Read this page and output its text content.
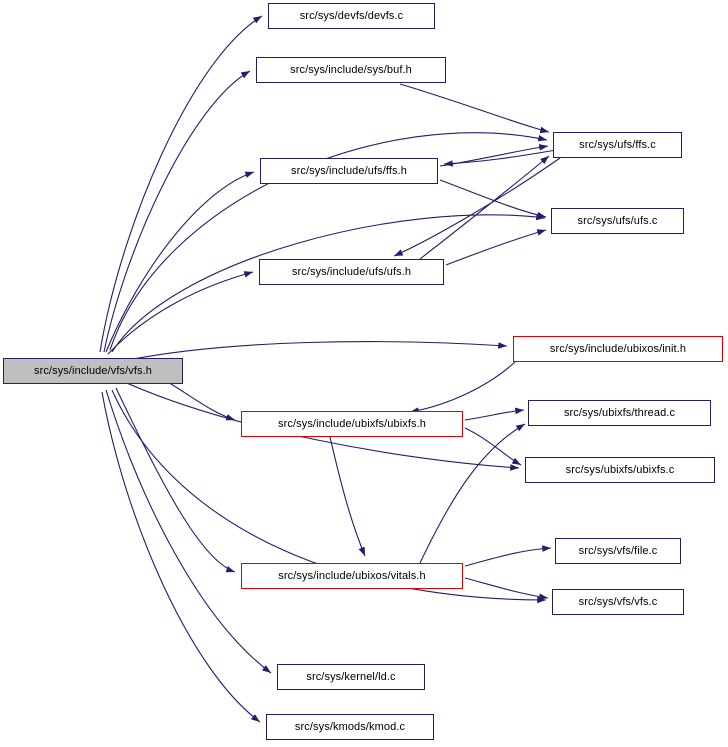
src/sys/devfs/devfs.c
src/sys/include/sys/buf.h
src/sys/ufs/ffs.c
src/sys/include/ufs/ffs.h
src/sys/ufs/ufs.c
src/sys/include/ufs/ufs.h
src/sys/include/ubixos/init.h
src/sys/include/vfs/vfs.h
src/sys/ubixfs/thread.c
src/sys/include/ubixfs/ubixfs.h
src/sys/ubixfs/ubixfs.c
src/sys/vfs/file.c
src/sys/include/ubixos/vitals.h
src/sys/vfs/vfs.c
src/sys/kernel/ld.c
src/sys/kmods/kmod.c
